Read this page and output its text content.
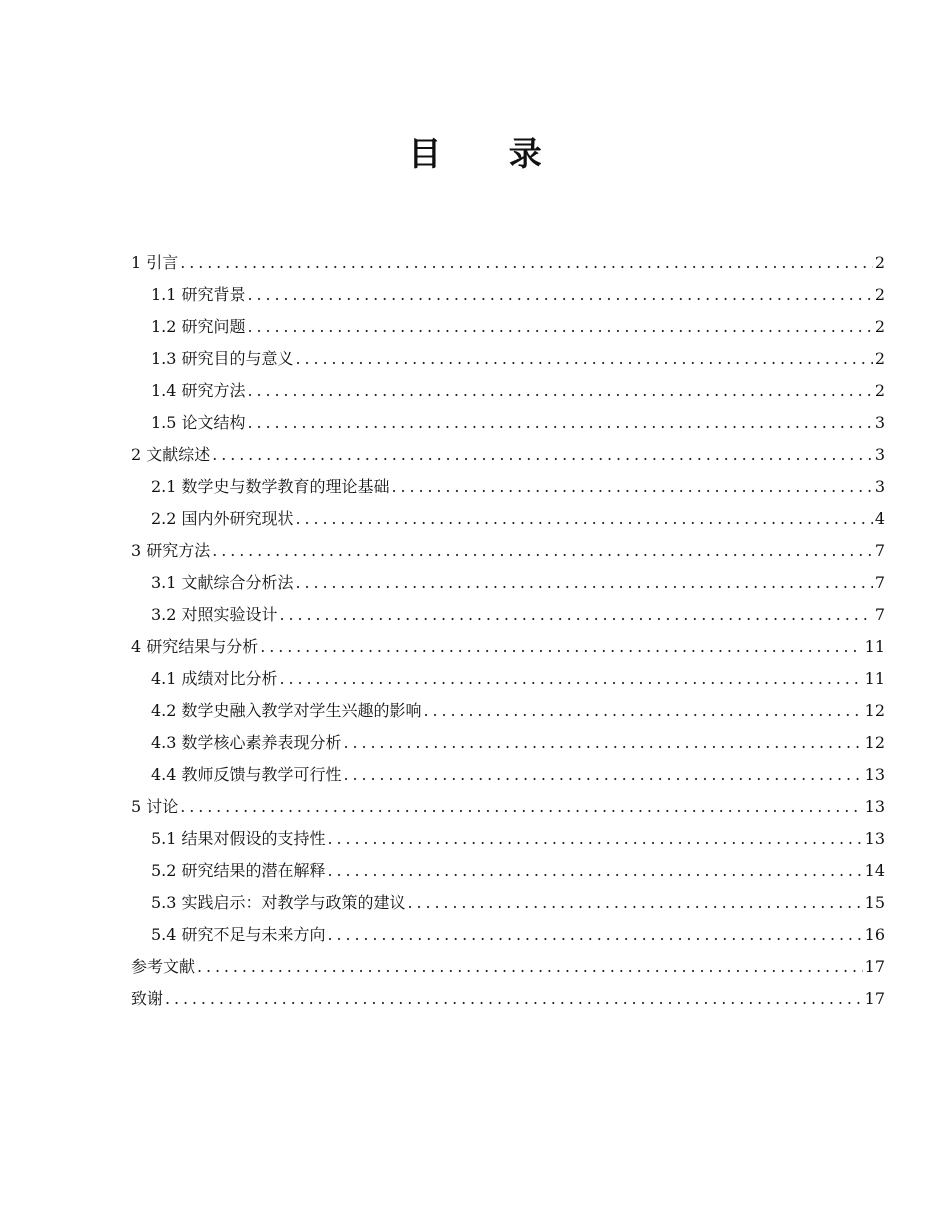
目 录
1 引言 . . .	2
1.1 研究背景 . . .	2
1.2 研究问题 . . .	2
1.3 研究目的与意义 . . .	2
1.4 研究方法 . . .	2
1.5 论文结构 . . .	3
2 文献综述 . . .	3
2.1 数学史与数学教育的理论基础 . . .	3
2.2 国内外研究现状 . . .	4
3 研究方法 . . .	7
3.1 文献综合分析法 . . .	7
3.2 对照实验设计 . . .	7
4 研究结果与分析 . . .	11
4.1 成绩对比分析 . . .	11
4.2 数学史融入教学对学生兴趣的影响 . . .	12
4.3 数学核心素养表现分析 . . .	12
4.4 教师反馈与教学可行性 . . .	13
5 讨论 . . .	13
5.1 结果对假设的支持性 . . .	13
5.2 研究结果的潜在解释 . . .	14
5.3 实践启示：对教学与政策的建议 . . .	15
5.4 研究不足与未来方向 . . .	16
参考文献 . . .	17
致谢 . . .	17
